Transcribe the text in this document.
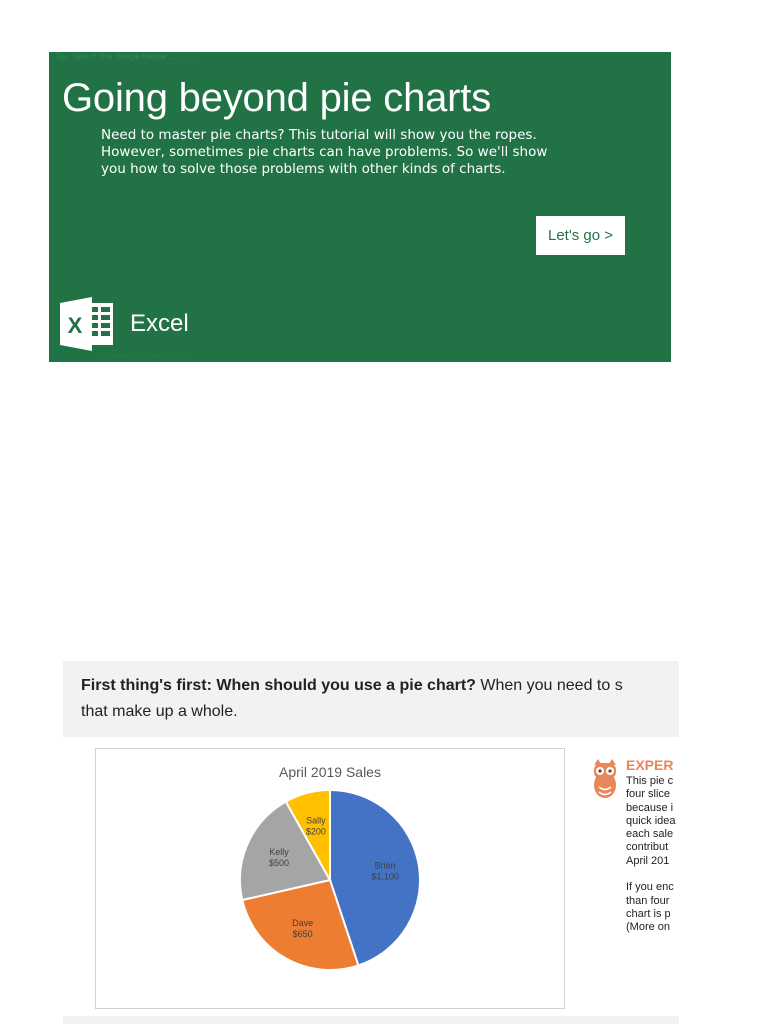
Tip: Select the image below ... ... ...
Going beyond pie charts
Need to master pie charts? This tutorial will show you the ropes.
However, sometimes pie charts can have problems. So we'll show
you how to solve those problems with other kinds of charts.
Let's go >
X Excel
... ... ... ... ... ... ... ... ...
First thing's first: When should you use a pie chart? When you need to s
that make up a whole.
April 2019 Sales
Brian $1,100
Dave $650
Kelly $500
Sally $200
EXPER
This pie c
four slice
because i
quick idea
each sale
contribut
April 201
If you enc
than four
chart is p
(More on
